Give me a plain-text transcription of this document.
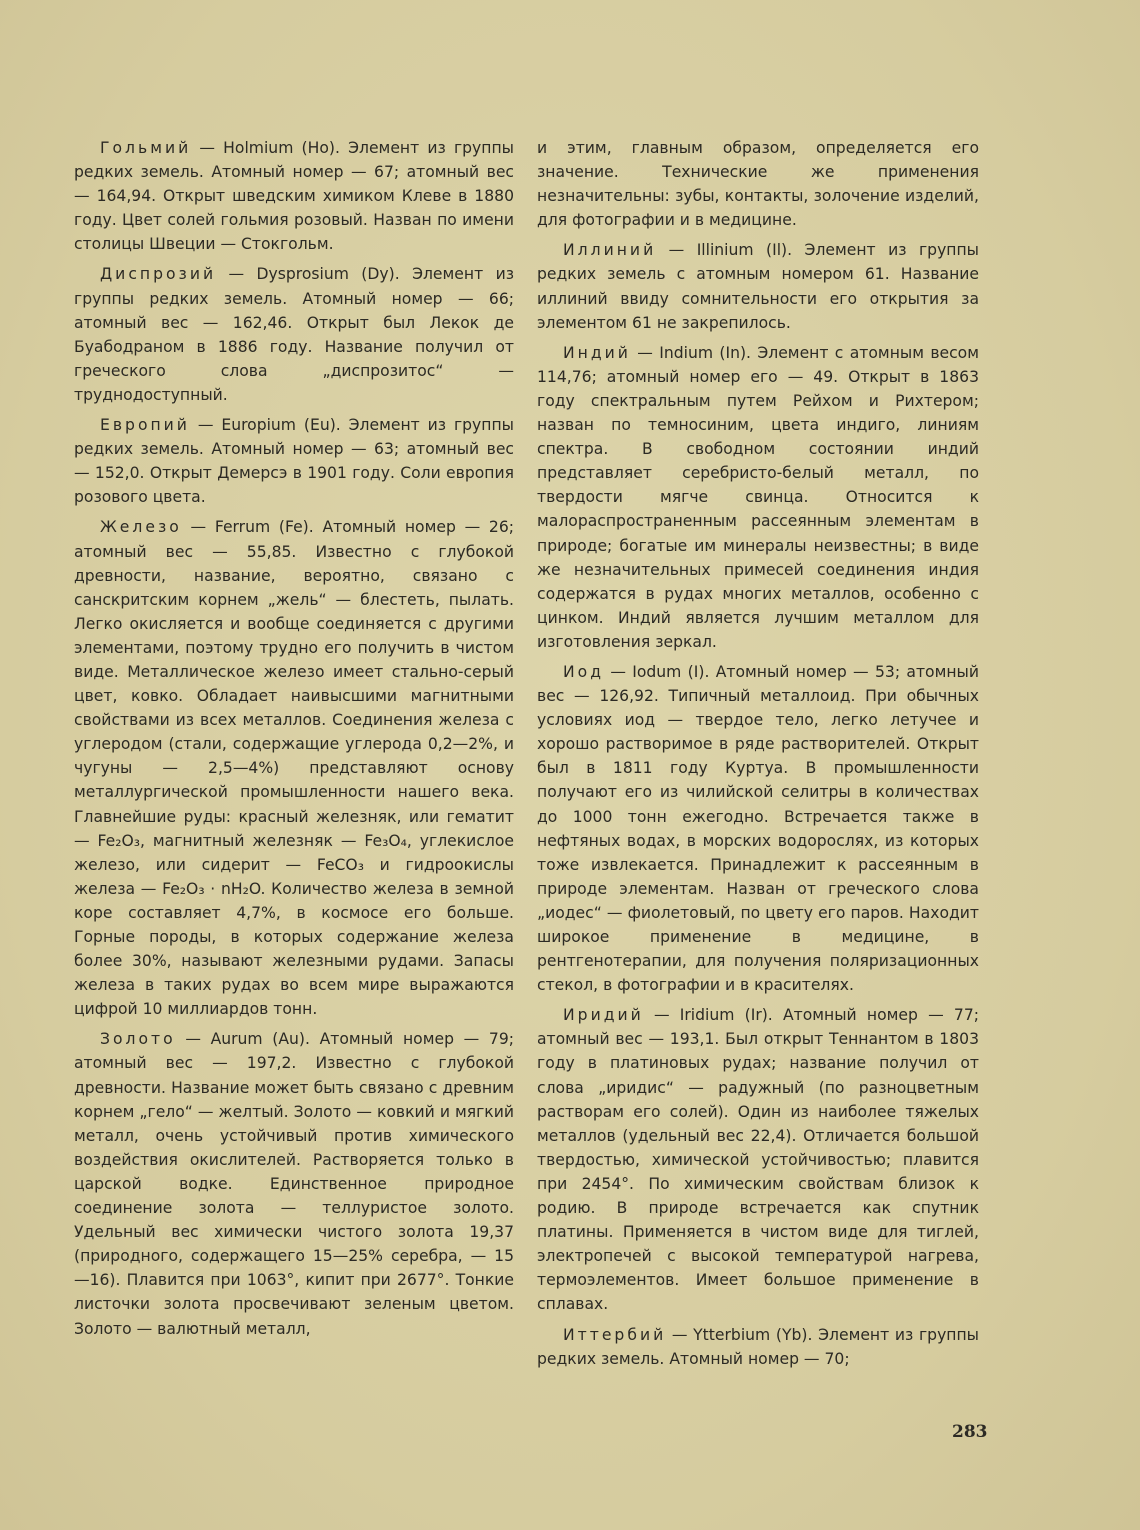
Гольмий — Holmium (Ho). Элемент из группы редких земель. Атомный номер — 67; атомный вес — 164,94. Открыт шведским химиком Клеве в 1880 году. Цвет солей гольмия розовый. Назван по имени столицы Швеции — Стокгольм.

Диспрозий — Dysprosium (Dy). Элемент из группы редких земель. Атомный номер — 66; атомный вес — 162,46. Открыт был Лекок де Буабодраном в 1886 году. Название получил от греческого слова „диспрозитос“ — труднодоступный.

Европий — Europium (Eu). Элемент из группы редких земель. Атомный номер — 63; атомный вес — 152,0. Открыт Демерсэ в 1901 году. Соли европия розового цвета.

Железо — Ferrum (Fe). Атомный номер — 26; атомный вес — 55,85. Известно с глубокой древности, название, вероятно, связано с санскритским корнем „жель“ — блестеть, пылать. Легко окисляется и вообще соединяется с другими элементами, поэтому трудно его получить в чистом виде. Металлическое железо имеет стально-серый цвет, ковко. Обладает наивысшими магнитными свойствами из всех металлов. Соединения железа с углеродом (стали, содержащие углерода 0,2—2%, и чугуны — 2,5—4%) представляют основу металлургической промышленности нашего века. Главнейшие руды: красный железняк, или гематит — Fe₂O₃, магнитный железняк — Fe₃O₄, углекислое железо, или сидерит — FeCO₃ и гидроокислы железа — Fe₂O₃ · nH₂O. Количество железа в земной коре составляет 4,7%, в космосе его больше. Горные породы, в которых содержание железа более 30%, называют железными рудами. Запасы железа в таких рудах во всем мире выражаются цифрой 10 миллиардов тонн.

Золото — Aurum (Au). Атомный номер — 79; атомный вес — 197,2. Известно с глубокой древности. Название может быть связано с древним корнем „гело“ — желтый. Золото — ковкий и мягкий металл, очень устойчивый против химического воздействия окислителей. Растворяется только в царской водке. Единственное природное соединение золота — теллуристое золото. Удельный вес химически чистого золота 19,37 (природного, содержащего 15—25% серебра, — 15—16). Плавится при 1063°, кипит при 2677°. Тонкие листочки золота просвечивают зеленым цветом. Золото — валютный металл,

и этим, главным образом, определяется его значение. Технические же применения незначительны: зубы, контакты, золочение изделий, для фотографии и в медицине.

Иллиний — Illinium (Il). Элемент из группы редких земель с атомным номером 61. Название иллиний ввиду сомнительности его открытия за элементом 61 не закрепилось.

Индий — Indium (In). Элемент с атомным весом 114,76; атомный номер его — 49. Открыт в 1863 году спектральным путем Рейхом и Рихтером; назван по темносиним, цвета индиго, линиям спектра. В свободном состоянии индий представляет серебристо-белый металл, по твердости мягче свинца. Относится к малораспространенным рассеянным элементам в природе; богатые им минералы неизвестны; в виде же незначительных примесей соединения индия содержатся в рудах многих металлов, особенно с цинком. Индий является лучшим металлом для изготовления зеркал.

Иод — Iodum (I). Атомный номер — 53; атомный вес — 126,92. Типичный металлоид. При обычных условиях иод — твердое тело, легко летучее и хорошо растворимое в ряде растворителей. Открыт был в 1811 году Куртуа. В промышленности получают его из чилийской селитры в количествах до 1000 тонн ежегодно. Встречается также в нефтяных водах, в морских водорослях, из которых тоже извлекается. Принадлежит к рассеянным в природе элементам. Назван от греческого слова „иодес“ — фиолетовый, по цвету его паров. Находит широкое применение в медицине, в рентгенотерапии, для получения поляризационных стекол, в фотографии и в красителях.

Иридий — Iridium (Ir). Атомный номер — 77; атомный вес — 193,1. Был открыт Теннантом в 1803 году в платиновых рудах; название получил от слова „иридис“ — радужный (по разноцветным растворам его солей). Один из наиболее тяжелых металлов (удельный вес 22,4). Отличается большой твердостью, химической устойчивостью; плавится при 2454°. По химическим свойствам близок к родию. В природе встречается как спутник платины. Применяется в чистом виде для тиглей, электропечей с высокой температурой нагрева, термоэлементов. Имеет большое применение в сплавах.

Иттербий — Ytterbium (Yb). Элемент из группы редких земель. Атомный номер — 70;

283
